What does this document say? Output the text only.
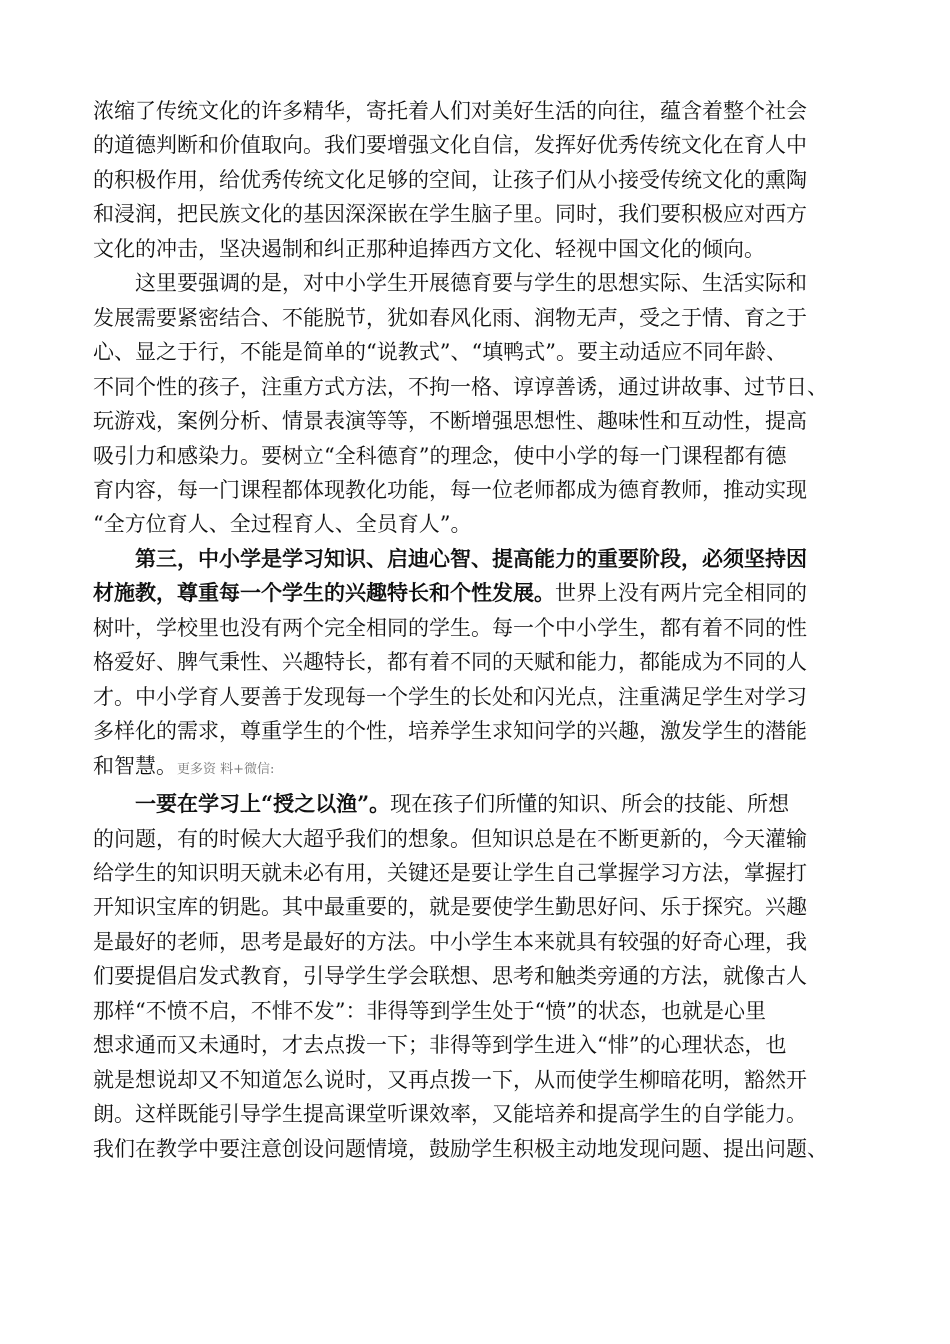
浓缩了传统文化的许多精华，寄托着人们对美好生活的向往，蕴含着整个社会
的道德判断和价值取向。我们要增强文化自信，发挥好优秀传统文化在育人中
的积极作用，给优秀传统文化足够的空间，让孩子们从小接受传统文化的熏陶
和浸润，把民族文化的基因深深嵌在学生脑子里。同时，我们要积极应对西方
文化的冲击，坚决遏制和纠正那种追捧西方文化、轻视中国文化的倾向。
这里要强调的是，对中小学生开展德育要与学生的思想实际、生活实际和
发展需要紧密结合、不能脱节，犹如春风化雨、润物无声，受之于情、育之于
心、显之于行，不能是简单的“说教式”、“填鸭式”。要主动适应不同年龄、
不同个性的孩子，注重方式方法，不拘一格、谆谆善诱，通过讲故事、过节日、
玩游戏，案例分析、情景表演等等，不断增强思想性、趣味性和互动性，提高
吸引力和感染力。要树立“全科德育”的理念，使中小学的每一门课程都有德
育内容，每一门课程都体现教化功能，每一位老师都成为德育教师，推动实现
“全方位育人、全过程育人、全员育人”。
第三，中小学是学习知识、启迪心智、提高能力的重要阶段，必须坚持因
材施教，尊重每一个学生的兴趣特长和个性发展。世界上没有两片完全相同的
树叶，学校里也没有两个完全相同的学生。每一个中小学生，都有着不同的性
格爱好、脾气秉性、兴趣特长，都有着不同的天赋和能力，都能成为不同的人
才。中小学育人要善于发现每一个学生的长处和闪光点，注重满足学生对学习
多样化的需求，尊重学生的个性，培养学生求知问学的兴趣，激发学生的潜能
和智慧。更多资 料+微信:
一要在学习上“授之以渔”。现在孩子们所懂的知识、所会的技能、所想
的问题，有的时候大大超乎我们的想象。但知识总是在不断更新的，今天灌输
给学生的知识明天就未必有用，关键还是要让学生自己掌握学习方法，掌握打
开知识宝库的钥匙。其中最重要的，就是要使学生勤思好问、乐于探究。兴趣
是最好的老师，思考是最好的方法。中小学生本来就具有较强的好奇心理，我
们要提倡启发式教育，引导学生学会联想、思考和触类旁通的方法，就像古人
那样“不愤不启，不悱不发”：非得等到学生处于“愤”的状态，也就是心里
想求通而又未通时，才去点拨一下；非得等到学生进入“悱”的心理状态，也
就是想说却又不知道怎么说时，又再点拨一下，从而使学生柳暗花明，豁然开
朗。这样既能引导学生提高课堂听课效率，又能培养和提高学生的自学能力。
我们在教学中要注意创设问题情境，鼓励学生积极主动地发现问题、提出问题、
